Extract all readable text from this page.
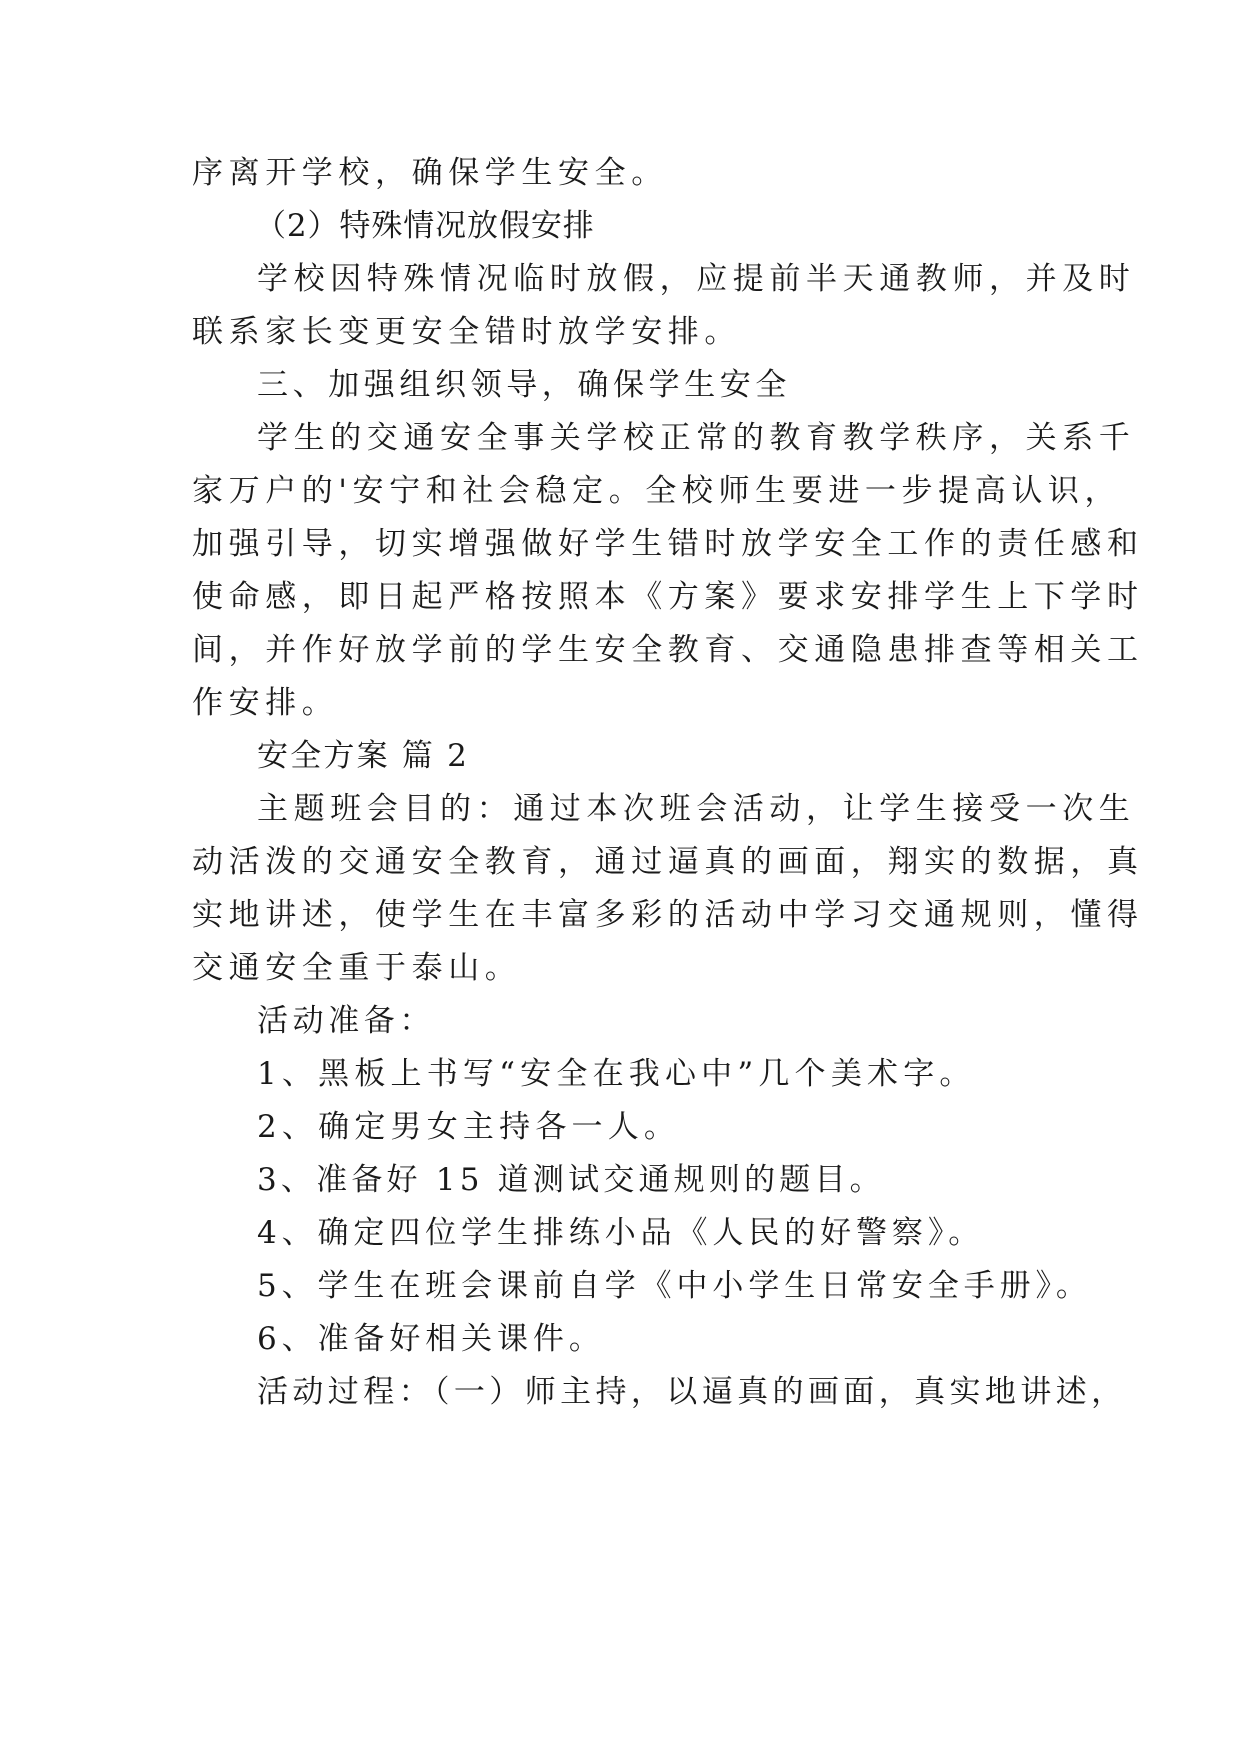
序离开学校，确保学生安全。
（2）特殊情况放假安排
学校因特殊情况临时放假，应提前半天通教师，并及时
联系家长变更安全错时放学安排。
三、加强组织领导，确保学生安全
学生的交通安全事关学校正常的教育教学秩序，关系千
家万户的'安宁和社会稳定。全校师生要进一步提高认识，
加强引导，切实增强做好学生错时放学安全工作的责任感和
使命感，即日起严格按照本《方案》要求安排学生上下学时
间，并作好放学前的学生安全教育、交通隐患排查等相关工
作安排。
安全方案 篇 2
主题班会目的：通过本次班会活动，让学生接受一次生
动活泼的交通安全教育，通过逼真的画面，翔实的数据，真
实地讲述，使学生在丰富多彩的活动中学习交通规则，懂得
交通安全重于泰山。
活动准备：
1、黑板上书写“安全在我心中”几个美术字。
2、确定男女主持各一人。
3、准备好 15 道测试交通规则的题目。
4、确定四位学生排练小品《人民的好警察》。
5、学生在班会课前自学《中小学生日常安全手册》。
6、准备好相关课件。
活动过程：（一）师主持，以逼真的画面，真实地讲述，
